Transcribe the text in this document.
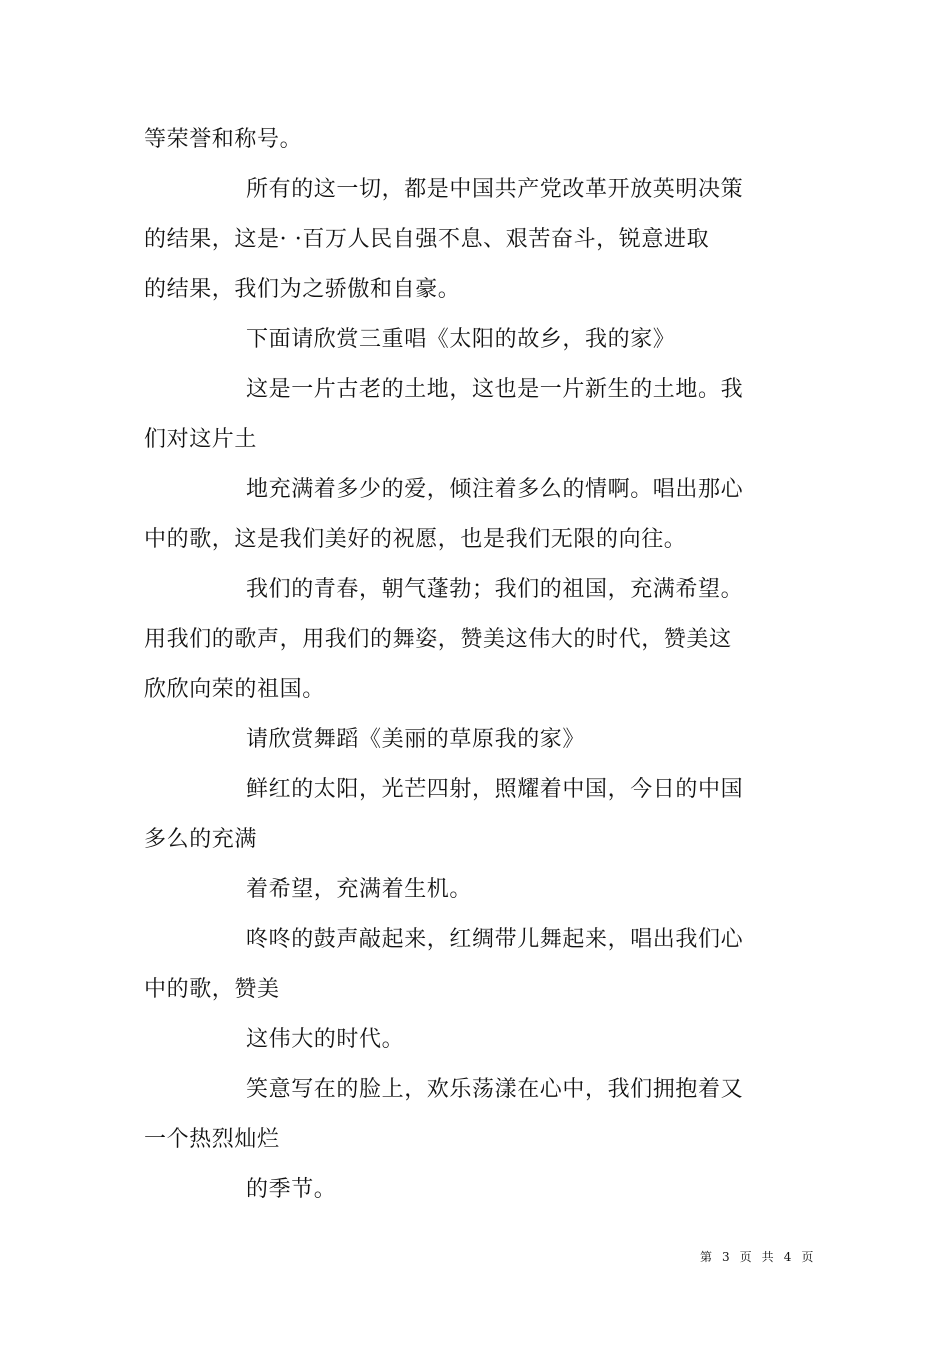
等荣誉和称号。

所有的这一切，都是中国共产党改革开放英明决策

的结果，这是· ·百万人民自强不息、艰苦奋斗，锐意进取

的结果，我们为之骄傲和自豪。

下面请欣赏三重唱《太阳的故乡，我的家》

这是一片古老的土地，这也是一片新生的土地。我

们对这片土

地充满着多少的爱，倾注着多么的情啊。唱出那心

中的歌，这是我们美好的祝愿，也是我们无限的向往。

我们的青春，朝气蓬勃；我们的祖国，充满希望。

用我们的歌声，用我们的舞姿，赞美这伟大的时代，赞美这

欣欣向荣的祖国。

请欣赏舞蹈《美丽的草原我的家》

鲜红的太阳，光芒四射，照耀着中国，今日的中国

多么的充满

着希望，充满着生机。

咚咚的鼓声敲起来，红绸带儿舞起来，唱出我们心

中的歌，赞美

这伟大的时代。

笑意写在的脸上，欢乐荡漾在心中，我们拥抱着又

一个热烈灿烂

的季节。

第 3 页 共 4 页
